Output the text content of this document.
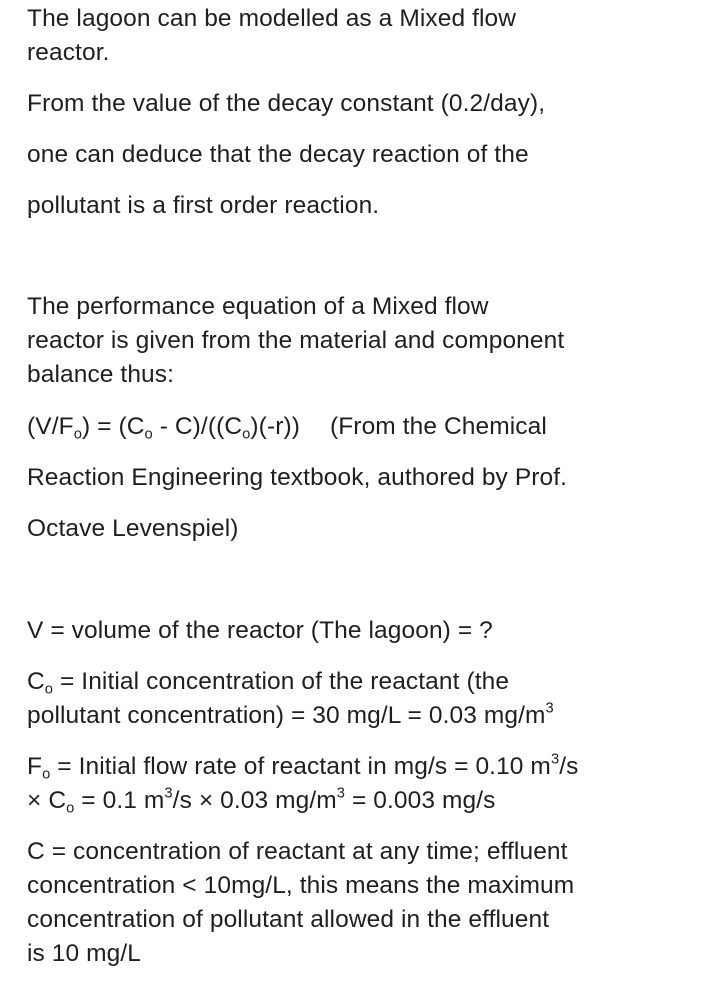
The lagoon can be modelled as a Mixed flow
reactor.
From the value of the decay constant (0.2/day),
one can deduce that the decay reaction of the
pollutant is a first order reaction.
The performance equation of a Mixed flow
reactor is given from the material and component
balance thus:
$(V/F_o) = (C_o - C)/((C_o)(-r))$ (From the Chemical
Reaction Engineering textbook, authored by Prof.
Octave Levenspiel)
V = volume of the reactor (The lagoon) = ?
$C_o$ = Initial concentration of the reactant (the
pollutant concentration) = 30 mg/L = 0.03 $mg/m^3$
$F_o$ = Initial flow rate of reactant in mg/s = 0.10 $m^3/s$
× $C_o = 0.1$ $m^3/s \times 0.03$ $mg/m^3 = 0.003$ mg/s
C = concentration of reactant at any time; effluent
concentration < 10mg/L, this means the maximum
concentration of pollutant allowed in the effluent
is 10 mg/L
